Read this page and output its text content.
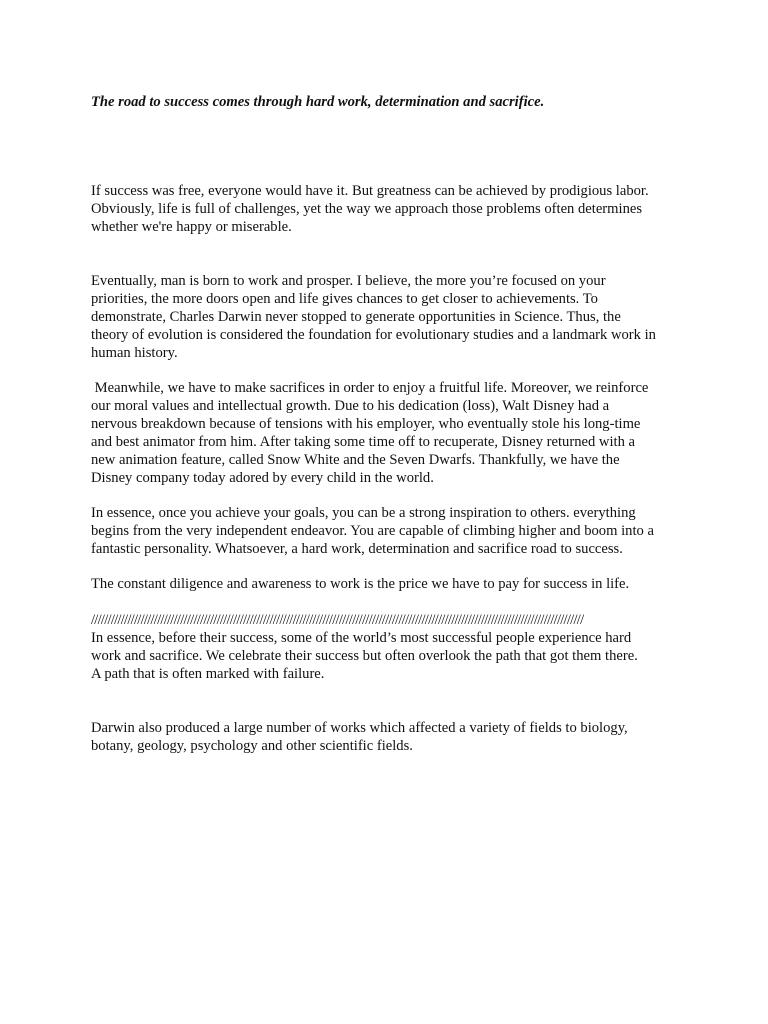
The road to success comes through hard work, determination and sacrifice.

If success was free, everyone would have it. But greatness can be achieved by prodigious labor.
Obviously, life is full of challenges, yet the way we approach those problems often determines
whether we're happy or miserable.
Eventually, man is born to work and prosper. I believe, the more you’re focused on your
priorities, the more doors open and life gives chances to get closer to achievements. To
demonstrate, Charles Darwin never stopped to generate opportunities in Science. Thus, the
theory of evolution is considered the foundation for evolutionary studies and a landmark work in
human history.
Meanwhile, we have to make sacrifices in order to enjoy a fruitful life. Moreover, we reinforce
our moral values and intellectual growth. Due to his dedication (loss), Walt Disney had a
nervous breakdown because of tensions with his employer, who eventually stole his long-time
and best animator from him. After taking some time off to recuperate, Disney returned with a
new animation feature, called Snow White and the Seven Dwarfs. Thankfully, we have the
Disney company today adored by every child in the world.
In essence, once you achieve your goals, you can be a strong inspiration to others. everything
begins from the very independent endeavor. You are capable of climbing higher and boom into a
fantastic personality. Whatsoever, a hard work, determination and sacrifice road to success.
The constant diligence and awareness to work is the price we have to pay for success in life.
/////////////////////////////////////////////////////////////////////////////////////////////////////////////////////////////////////////////////////
In essence, before their success, some of the world’s most successful people experience hard
work and sacrifice. We celebrate their success but often overlook the path that got them there.
A path that is often marked with failure.
Darwin also produced a large number of works which affected a variety of fields to biology,
botany, geology, psychology and other scientific fields.
